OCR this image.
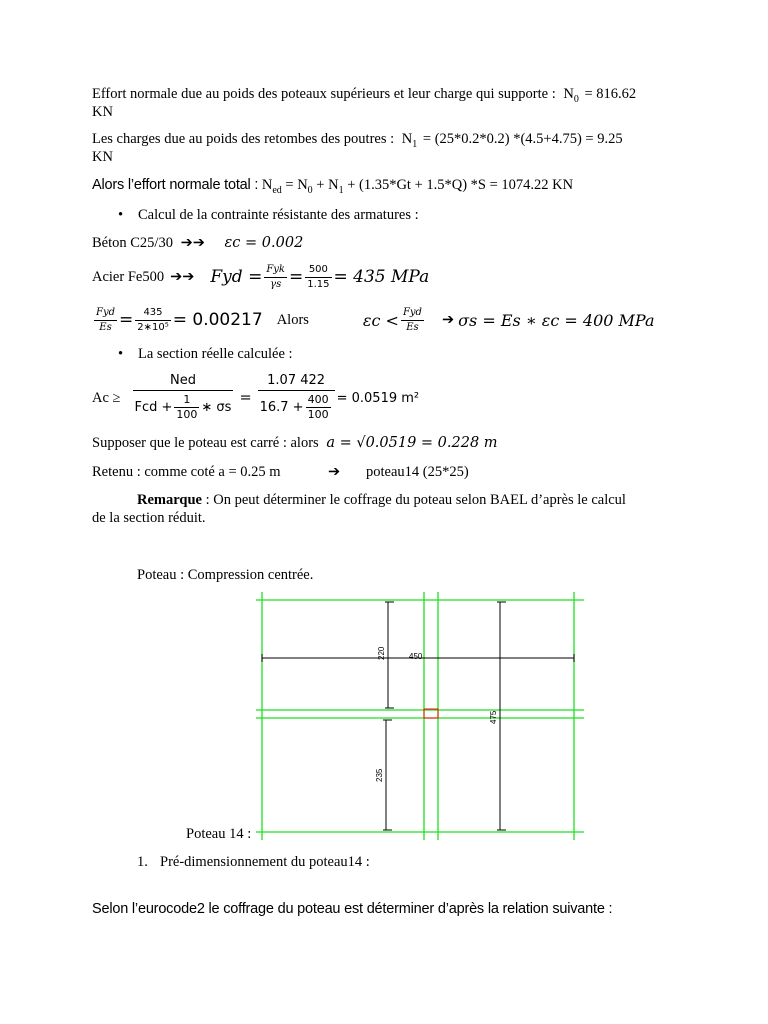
Effort normale due au poids des poteaux supérieurs et leur charge qui supporte : $N_0 = 816.62$
KN
Les charges due au poids des retombes des poutres : $N_1 = (25*0.2*0.2) *(4.5+4.75) = 9.25$
KN
Alors l’effort normale total : $N_{ed} = N_0 + N_1 + (1.35*Gt + 1.5*Q) *S = 1074.22$ KN
• Calcul de la contrainte résistante des armatures :
Béton C25/30 ➔➔ εc = 0.002
Acier Fe500 ➔➔ Fyd = $\frac{\text{Fyk}}{\gamma s} = \frac{500}{1.15} = 435$ MPa
$\frac{\text{Fyd}}{Es} = \frac{435}{\text{2∗10⁵}} = 0.00217$ Alors	$\varepsilon c < \frac{\text{Fyd}}{Es}$ ➔ σs = Es ∗ εc = 400 MPa
• La section réelle calculée :
$Ac \ge \frac{\text{Ned}}{Fcd + \frac{1}{100} ∗ \sigma s} = \frac{1.07 422}{16.7 + \frac{400}{100}} = 0.0519$ m²
Supposer que le poteau est carré : alors a = √0.0519 = 0.228 m
Retenu : comme coté a = 0.25 m	➔ poteau14 (25*25)
Remarque : On peut déterminer le coffrage du poteau selon BAEL d’après le calcul
de la section réduit.
Poteau : Compression centrée.
220	450
475
235
Poteau 14 :
1. Pré-dimensionnement du poteau14 :
Selon l’eurocode2 le coffrage du poteau est déterminer d’après la relation suivante :
